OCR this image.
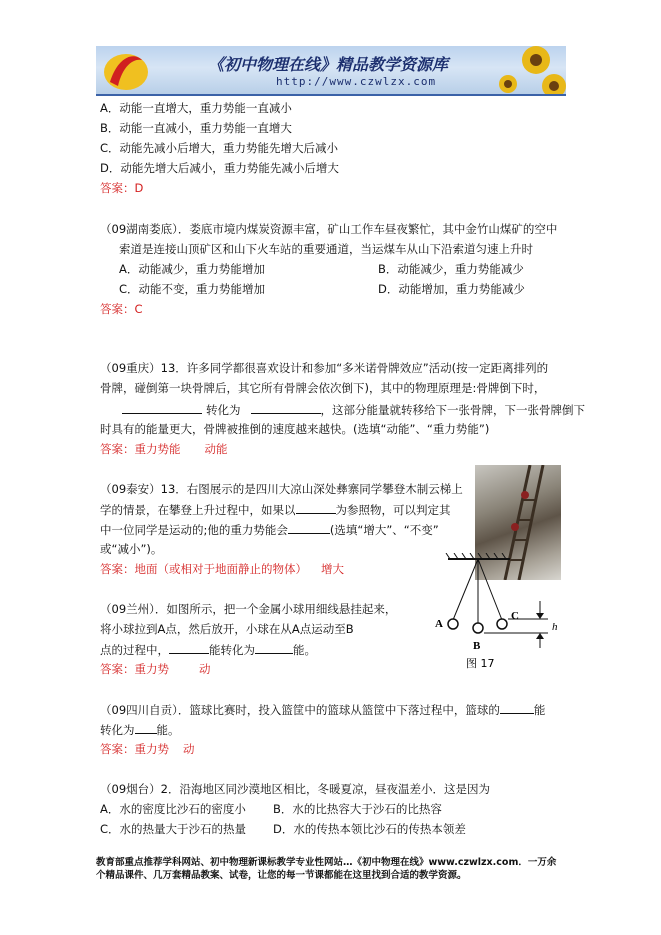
《初中物理在线》精品教学资源库
http://www.czwlzx.com
A．动能一直增大，重力势能一直减小
B．动能一直减小，重力势能一直增大
C．动能先减小后增大，重力势能先增大后减小
D．动能先增大后减小，重力势能先减小后增大
答案：D
（09湖南娄底）．娄底市境内煤炭资源丰富，矿山工作车昼夜繁忙，其中金竹山煤矿的空中
索道是连接山顶矿区和山下火车站的重要通道，当运煤车从山下沿索道匀速上升时
A．动能减少，重力势能增加	B．动能减少，重力势能减少
C．动能不变，重力势能增加	D．动能增加，重力势能减少
答案：C
（09重庆）13．许多同学都很喜欢设计和参加“多米诺骨牌效应”活动(按一定距离排列的
骨牌，碰倒第一块骨牌后，其它所有骨牌会依次倒下)，其中的物理原理是:骨牌倒下时，
转化为	，这部分能量就转移给下一张骨牌，下一张骨牌倒下
时具有的能量更大，骨牌被推倒的速度越来越快。(选填“动能”、“重力势能”)
答案：重力势能 动能
（09泰安）13．右图展示的是四川大凉山深处彝寨同学攀登木制云梯上
学的情景，在攀登上升过程中，如果以	为参照物，可以判定其
中一位同学是运动的;他的重力势能会	(选填“增大”、“不变”
或“减小”)。
答案：地面（或相对于地面静止的物体） 增大
A
B
C
h
图 17
（09兰州）．如图所示，把一个金属小球用细线悬挂起来，
将小球拉到A点，然后放开，小球在从A点运动至B
点的过程中，	能转化为	能。
答案：重力势	动
（09四川自贡）．篮球比赛时，投入篮筐中的篮球从篮筐中下落过程中，篮球的	能
转化为 能。
答案：重力势 动
（09烟台）2．沿海地区同沙漠地区相比，冬暖夏凉，昼夜温差小．这是因为
A．水的密度比沙石的密度小 B．水的比热容大于沙石的比热容
C．水的热量大于沙石的热量 D．水的传热本领比沙石的传热本领差
教育部重点推荐学科网站、初中物理新课标教学专业性网站…《初中物理在线》www.czwlzx.com．一万余
个精品课件、几万套精品教案、试卷，让您的每一节课都能在这里找到合适的教学资源。
